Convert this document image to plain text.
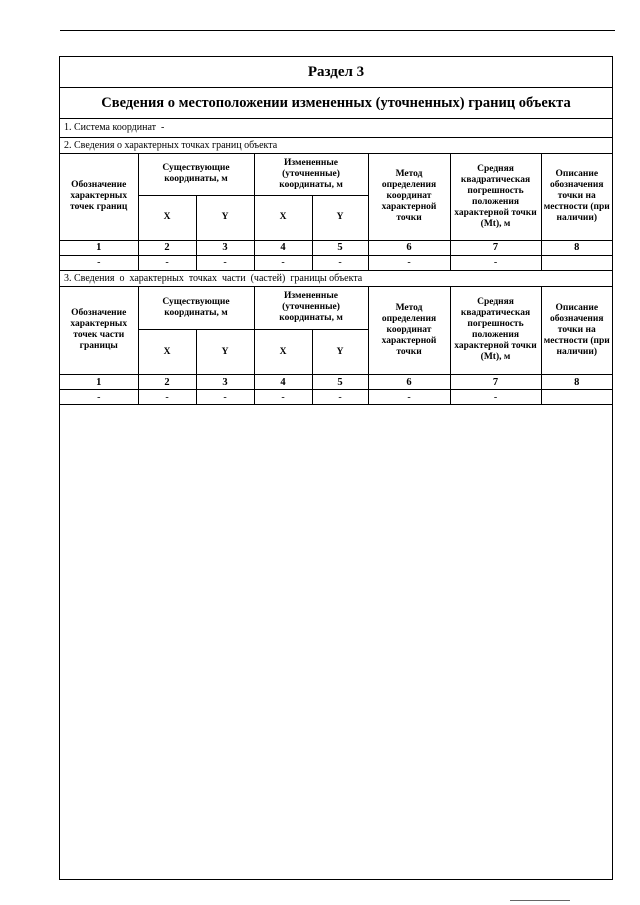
Раздел 3
Сведения о местоположении измененных (уточненных) границ объекта
1. Система координат  -
2. Сведения о характерных точках границ объекта
Обозначение характерных точек границ	Существующие координаты, м		Измененные (уточненные) координаты, м		Метод определения координат характерной точки	Средняя квадратическая погрешность положения характерной точки (Mt), м	Описание обозначения точки на местности (при наличии)
	X	Y	X	Y			
1	2	3	4	5	6	7	8
-	-	-	-	-	-	-	
3. Сведения  о  характерных  точках  части  (частей)  границы объекта
Обозначение характерных точек части границы	Существующие координаты, м		Измененные (уточненные) координаты, м		Метод определения координат характерной точки	Средняя квадратическая погрешность положения характерной точки (Mt), м	Описание обозначения точки на местности (при наличии)
	X	Y	X	Y			
1	2	3	4	5	6	7	8
-	-	-	-	-	-	-	
